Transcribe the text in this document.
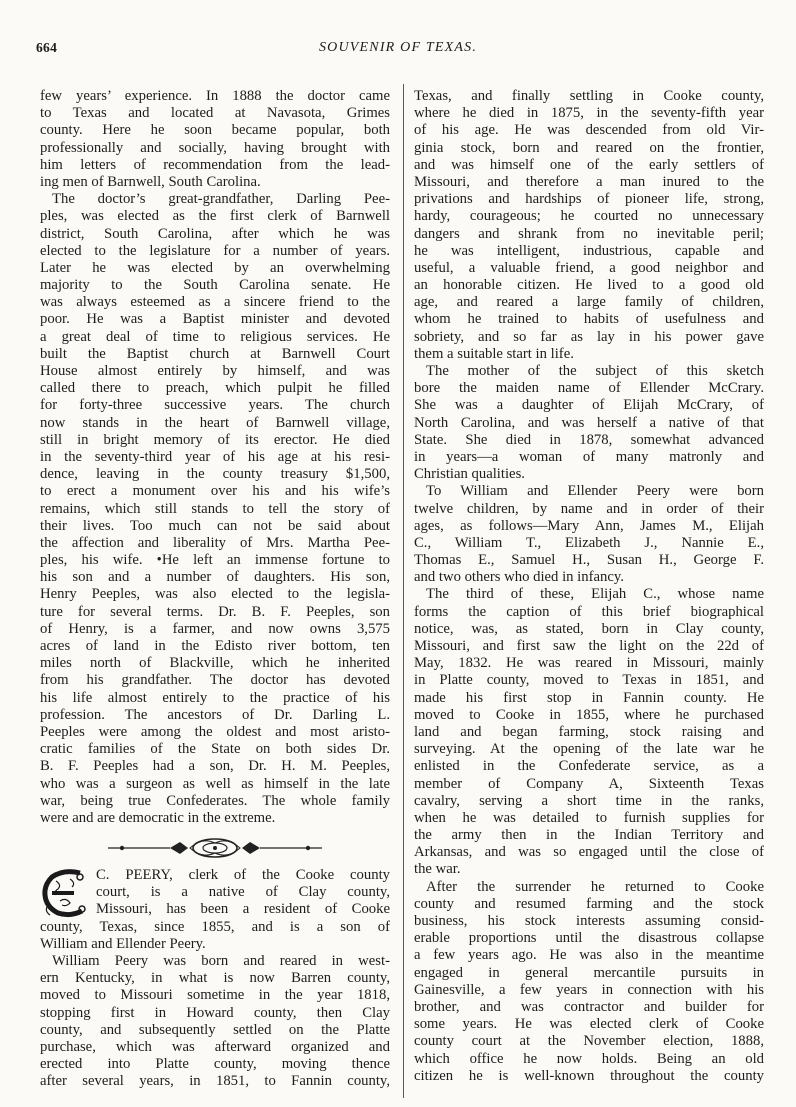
664	SOUVENIR OF TEXAS.
few years’ experience. In 1888 the doctor came
to Texas and located at Navasota, Grimes
county. Here he soon became popular, both
professionally and socially, having brought with
him letters of recommendation from the lead-
ing men of Barnwell, South Carolina.
The doctor’s great-grandfather, Darling Pee-
ples, was elected as the first clerk of Barnwell
district, South Carolina, after which he was
elected to the legislature for a number of years.
Later he was elected by an overwhelming
majority to the South Carolina senate. He
was always esteemed as a sincere friend to the
poor. He was a Baptist minister and devoted
a great deal of time to religious services. He
built the Baptist church at Barnwell Court
House almost entirely by himself, and was
called there to preach, which pulpit he filled
for forty-three successive years. The church
now stands in the heart of Barnwell village,
still in bright memory of its erector. He died
in the seventy-third year of his age at his resi-
dence, leaving in the county treasury $1,500,
to erect a monument over his and his wife’s
remains, which still stands to tell the story of
their lives. Too much can not be said about
the affection and liberality of Mrs. Martha Pee-
ples, his wife. •He left an immense fortune to
his son and a number of daughters. His son,
Henry Peeples, was also elected to the legisla-
ture for several terms. Dr. B. F. Peeples, son
of Henry, is a farmer, and now owns 3,575
acres of land in the Edisto river bottom, ten
miles north of Blackville, which he inherited
from his grandfather. The doctor has devoted
his life almost entirely to the practice of his
profession. The ancestors of Dr. Darling L.
Peeples were among the oldest and most aristo-
cratic families of the State on both sides Dr.
B. F. Peeples had a son, Dr. H. M. Peeples,
who was a surgeon as well as himself in the late
war, being true Confederates. The whole family
were and are democratic in the extreme.
C. PEERY, clerk of the Cooke county
court, is a native of Clay county,
Missouri, has been a resident of Cooke
county, Texas, since 1855, and is a son of
William and Ellender Peery.
William Peery was born and reared in west-
ern Kentucky, in what is now Barren county,
moved to Missouri sometime in the year 1818,
stopping first in Howard county, then Clay
county, and subsequently settled on the Platte
purchase, which was afterward organized and
erected into Platte county, moving thence
after several years, in 1851, to Fannin county,
Texas, and finally settling in Cooke county,
where he died in 1875, in the seventy-fifth year
of his age. He was descended from old Vir-
ginia stock, born and reared on the frontier,
and was himself one of the early settlers of
Missouri, and therefore a man inured to the
privations and hardships of pioneer life, strong,
hardy, courageous; he courted no unnecessary
dangers and shrank from no inevitable peril;
he was intelligent, industrious, capable and
useful, a valuable friend, a good neighbor and
an honorable citizen. He lived to a good old
age, and reared a large family of children,
whom he trained to habits of usefulness and
sobriety, and so far as lay in his power gave
them a suitable start in life.
The mother of the subject of this sketch
bore the maiden name of Ellender McCrary.
She was a daughter of Elijah McCrary, of
North Carolina, and was herself a native of that
State. She died in 1878, somewhat advanced
in years—a woman of many matronly and
Christian qualities.
To William and Ellender Peery were born
twelve children, by name and in order of their
ages, as follows—Mary Ann, James M., Elijah
C., William T., Elizabeth J., Nannie E.,
Thomas E., Samuel H., Susan H., George F.
and two others who died in infancy.
The third of these, Elijah C., whose name
forms the caption of this brief biographical
notice, was, as stated, born in Clay county,
Missouri, and first saw the light on the 22d of
May, 1832. He was reared in Missouri, mainly
in Platte county, moved to Texas in 1851, and
made his first stop in Fannin county. He
moved to Cooke in 1855, where he purchased
land and began farming, stock raising and
surveying. At the opening of the late war he
enlisted in the Confederate service, as a
member of Company A, Sixteenth Texas
cavalry, serving a short time in the ranks,
when he was detailed to furnish supplies for
the army then in the Indian Territory and
Arkansas, and was so engaged until the close of
the war.
After the surrender he returned to Cooke
county and resumed farming and the stock
business, his stock interests assuming consid-
erable proportions until the disastrous collapse
a few years ago. He was also in the meantime
engaged in general mercantile pursuits in
Gainesville, a few years in connection with his
brother, and was contractor and builder for
some years. He was elected clerk of Cooke
county court at the November election, 1888,
which office he now holds. Being an old
citizen he is well-known throughout the county
